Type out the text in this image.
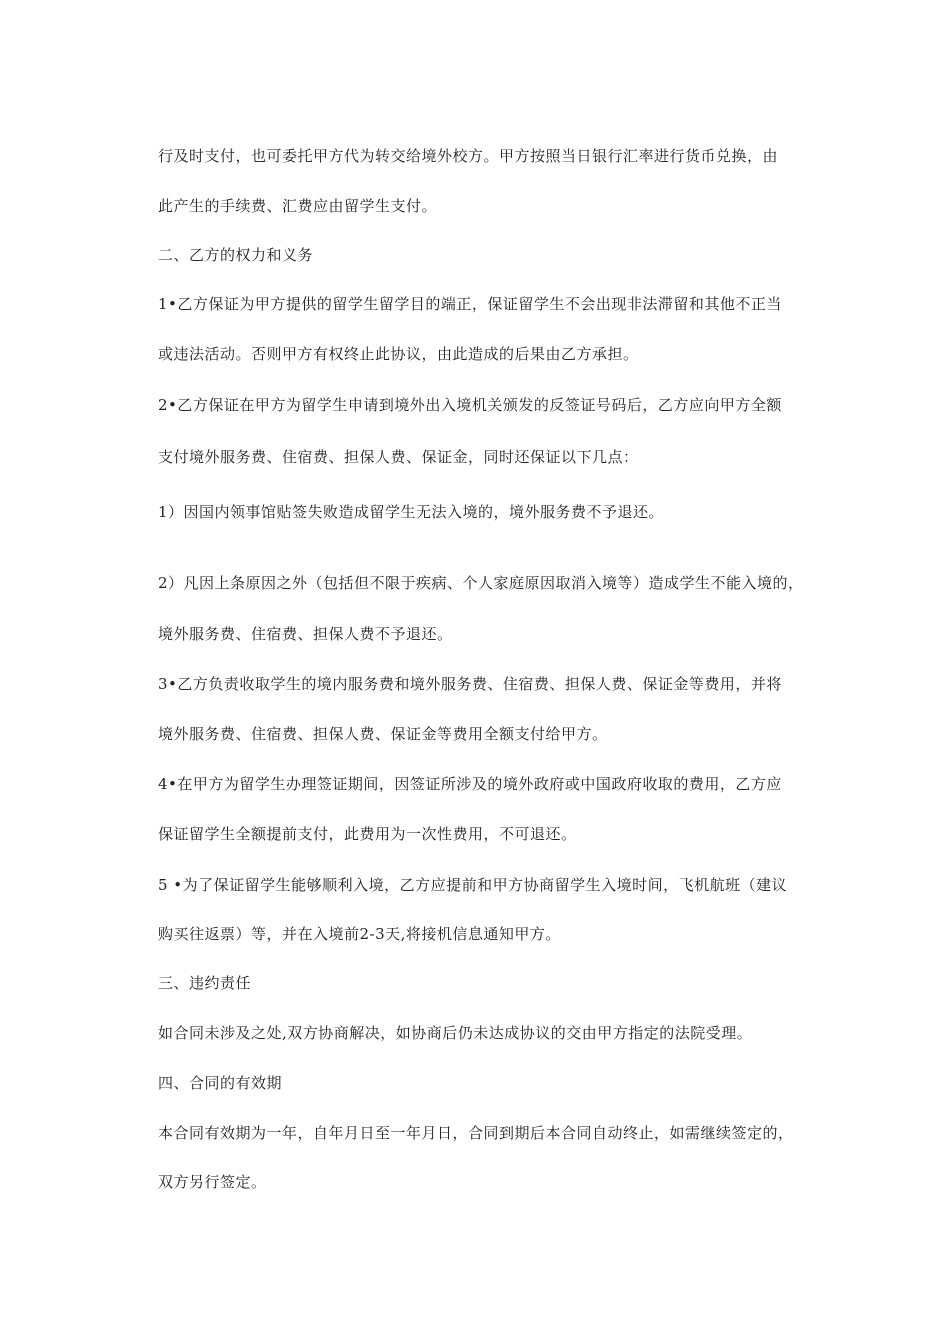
行及时支付，也可委托甲方代为转交给境外校方。甲方按照当日银行汇率进行货币兑换，由

此产生的手续费、汇费应由留学生支付。

二、乙方的权力和义务

1•乙方保证为甲方提供的留学生留学目的端正，保证留学生不会出现非法滞留和其他不正当

或违法活动。否则甲方有权终止此协议，由此造成的后果由乙方承担。

2•乙方保证在甲方为留学生申请到境外出入境机关颁发的反签证号码后，乙方应向甲方全额

支付境外服务费、住宿费、担保人费、保证金，同时还保证以下几点：

1）因国内领事馆贴签失败造成留学生无法入境的，境外服务费不予退还。

2）凡因上条原因之外（包括但不限于疾病、个人家庭原因取消入境等）造成学生不能入境的，

境外服务费、住宿费、担保人费不予退还。

3•乙方负责收取学生的境内服务费和境外服务费、住宿费、担保人费、保证金等费用，并将

境外服务费、住宿费、担保人费、保证金等费用全额支付给甲方。

4•在甲方为留学生办理签证期间，因签证所涉及的境外政府或中国政府收取的费用，乙方应

保证留学生全额提前支付，此费用为一次性费用，不可退还。

5 •为了保证留学生能够顺利入境，乙方应提前和甲方协商留学生入境时间，飞机航班（建议

购买往返票）等，并在入境前2-3天,将接机信息通知甲方。

三、违约责任

如合同未涉及之处,双方协商解决，如协商后仍未达成协议的交由甲方指定的法院受理。

四、合同的有效期

本合同有效期为一年，自年月日至一年月日，合同到期后本合同自动终止，如需继续签定的，

双方另行签定。
